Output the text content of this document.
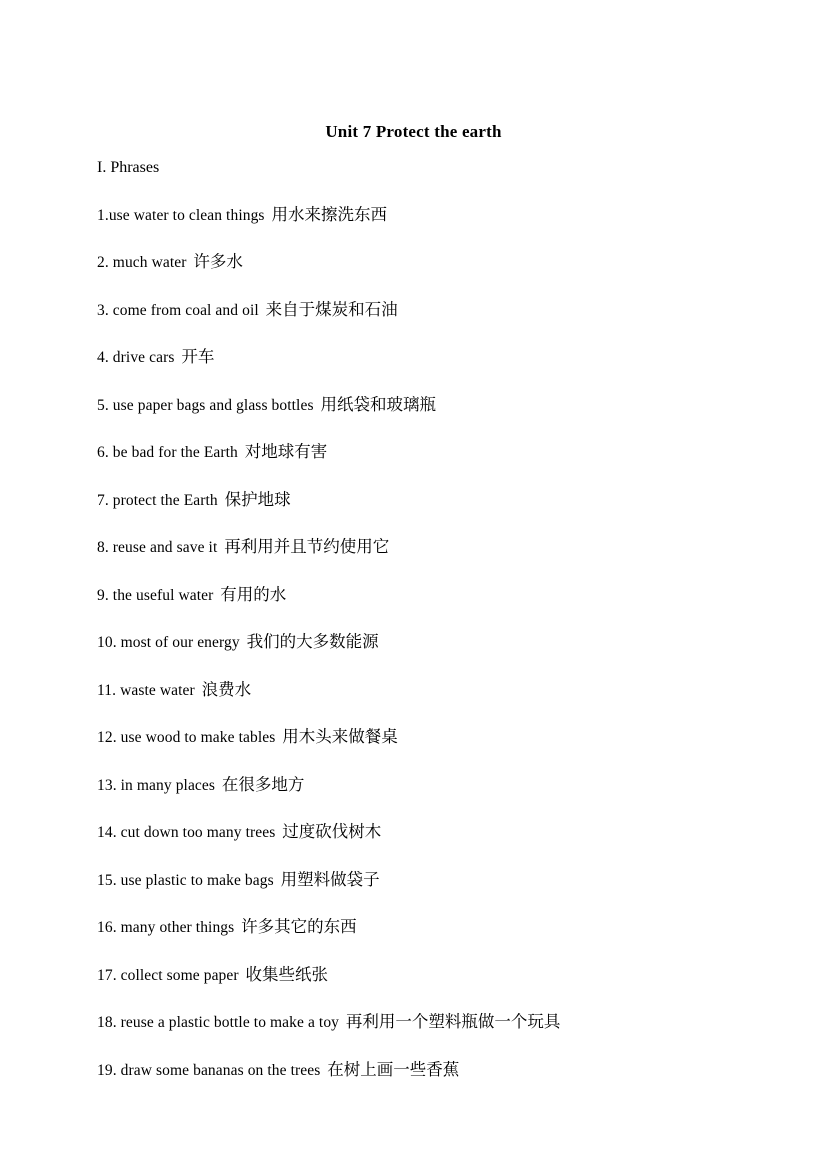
Unit 7 Protect the earth
I. Phrases
1.use water to clean things 用水来擦洗东西
2. much water 许多水
3. come from coal and oil 来自于煤炭和石油
4. drive cars 开车
5. use paper bags and glass bottles 用纸袋和玻璃瓶
6. be bad for the Earth 对地球有害
7. protect the Earth 保护地球
8. reuse and save it 再利用并且节约使用它
9. the useful water 有用的水
10. most of our energy 我们的大多数能源
11. waste water 浪费水
12. use wood to make tables 用木头来做餐桌
13. in many places 在很多地方
14. cut down too many trees 过度砍伐树木
15. use plastic to make bags 用塑料做袋子
16. many other things 许多其它的东西
17. collect some paper 收集些纸张
18. reuse a plastic bottle to make a toy 再利用一个塑料瓶做一个玩具
19. draw some bananas on the trees 在树上画一些香蕉
